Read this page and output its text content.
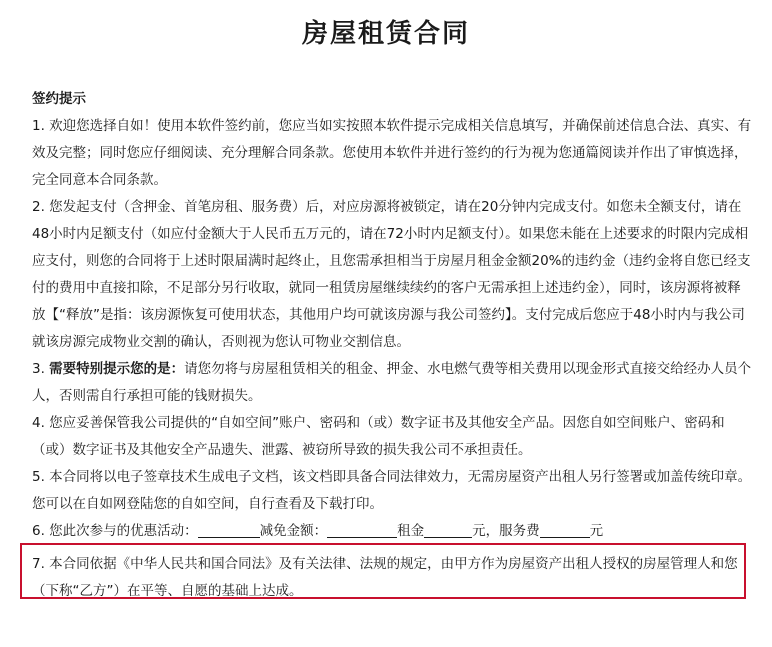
房屋租赁合同

签约提示

1. 欢迎您选择自如！使用本软件签约前，您应当如实按照本软件提示完成相关信息填写，并确保前述信息合法、真实、有效及完整；同时您应仔细阅读、充分理解合同条款。您使用本软件并进行签约的行为视为您通篇阅读并作出了审慎选择，完全同意本合同条款。

2. 您发起支付（含押金、首笔房租、服务费）后，对应房源将被锁定，请在20分钟内完成支付。如您未全额支付，请在48小时内足额支付（如应付金额大于人民币五万元的，请在72小时内足额支付）。如果您未能在上述要求的时限内完成相应支付，则您的合同将于上述时限届满时起终止，且您需承担相当于房屋月租金金额20%的违约金（违约金将自您已经支付的费用中直接扣除，不足部分另行收取，就同一租赁房屋继续续约的客户无需承担上述违约金），同时，该房源将被释放【“释放”是指：该房源恢复可使用状态，其他用户均可就该房源与我公司签约】。支付完成后您应于48小时内与我公司就该房源完成物业交割的确认，否则视为您认可物业交割信息。

3. 需要特别提示您的是：请您勿将与房屋租赁相关的租金、押金、水电燃气费等相关费用以现金形式直接交给经办人员个人，否则需自行承担可能的钱财损失。

4. 您应妥善保管我公司提供的“自如空间”账户、密码和（或）数字证书及其他安全产品。因您自如空间账户、密码和（或）数字证书及其他安全产品遗失、泄露、被窃所导致的损失我公司不承担责任。

5. 本合同将以电子签章技术生成电子文档，该文档即具备合同法律效力，无需房屋资产出租人另行签署或加盖传统印章。您可以在自如网登陆您的自如空间，自行查看及下载打印。

6. 您此次参与的优惠活动：	减免金额：	租金	元，服务费	元

7. 本合同依据《中华人民共和国合同法》及有关法律、法规的规定，由甲方作为房屋资产出租人授权的房屋管理人和您（下称“乙方”）在平等、自愿的基础上达成。
